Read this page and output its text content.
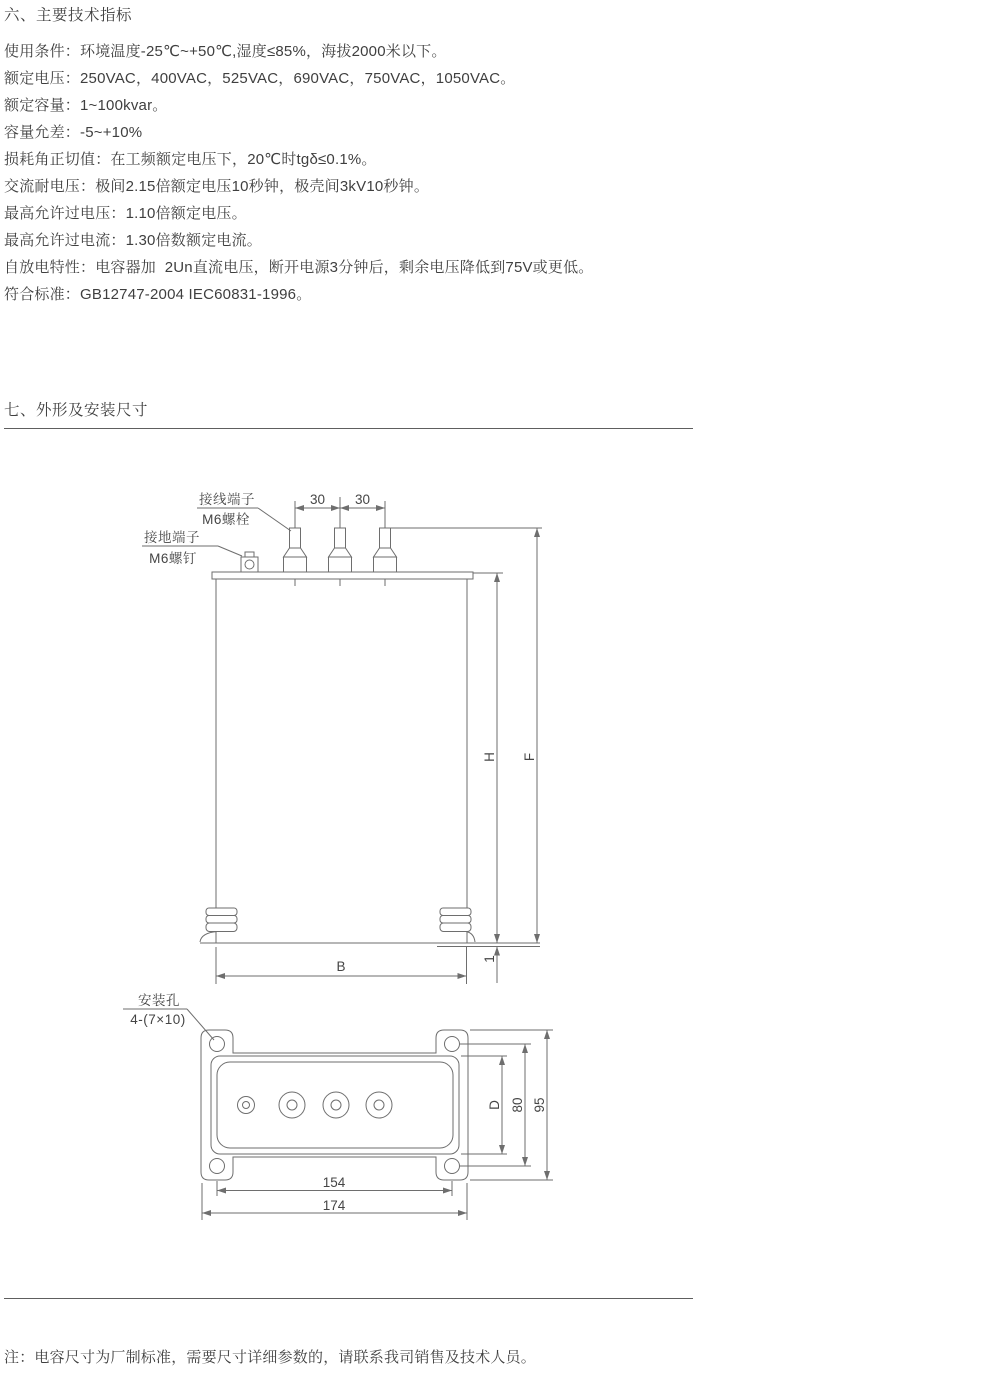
六、主要技术指标
使用条件：环境温度-25℃~+50℃,湿度≤85%，海拔2000米以下。
额定电压：250VAC，400VAC，525VAC，690VAC，750VAC，1050VAC。
额定容量：1~100kvar。
容量允差：-5~+10%
损耗角正切值：在工频额定电压下，20℃时tgδ≤0.1%。
交流耐电压：极间2.15倍额定电压10秒钟，极壳间3kV10秒钟。
最高允许过电压：1.10倍额定电压。
最高允许过电流：1.30倍数额定电流。
自放电特性：电容器加  2Un直流电压，断开电源3分钟后，剩余电压降低到75V或更低。
符合标准：GB12747-2004 IEC60831-1996。
七、外形及安装尺寸
30 30
H F
1
B
接线端子
M6螺栓
接地端子
M6螺钉
安装孔
4-(7×10)
D 80 95
154
174
注：电容尺寸为厂制标准，需要尺寸详细参数的，请联系我司销售及技术人员。
